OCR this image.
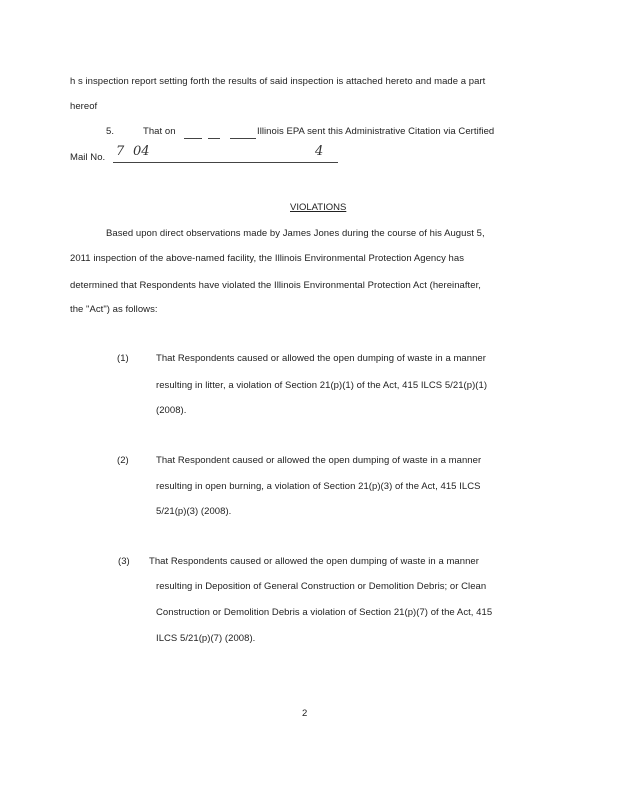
h s inspection report setting forth the results of said inspection is attached hereto and made a part
hereof
5.	That on	Illinois EPA sent this Administrative Citation via Certified
Mail No. 7 04	4
VIOLATIONS
Based upon direct observations made by James Jones during the course of his August 5,
2011 inspection of the above-named facility, the Illinois Environmental Protection Agency has
determined that Respondents have violated the Illinois Environmental Protection Act (hereinafter,
the "Act") as follows:
(1)	That Respondents caused or allowed the open dumping of waste in a manner
resulting in litter, a violation of Section 21(p)(1) of the Act, 415 ILCS 5/21(p)(1)
(2008).
(2)	That Respondent caused or allowed the open dumping of waste in a manner
resulting in open burning, a violation of Section 21(p)(3) of the Act, 415 ILCS
5/21(p)(3) (2008).
(3) That Respondents caused or allowed the open dumping of waste in a manner
resulting in Deposition of General Construction or Demolition Debris; or Clean
Construction or Demolition Debris a violation of Section 21(p)(7) of the Act, 415
ILCS 5/21(p)(7) (2008).
2
